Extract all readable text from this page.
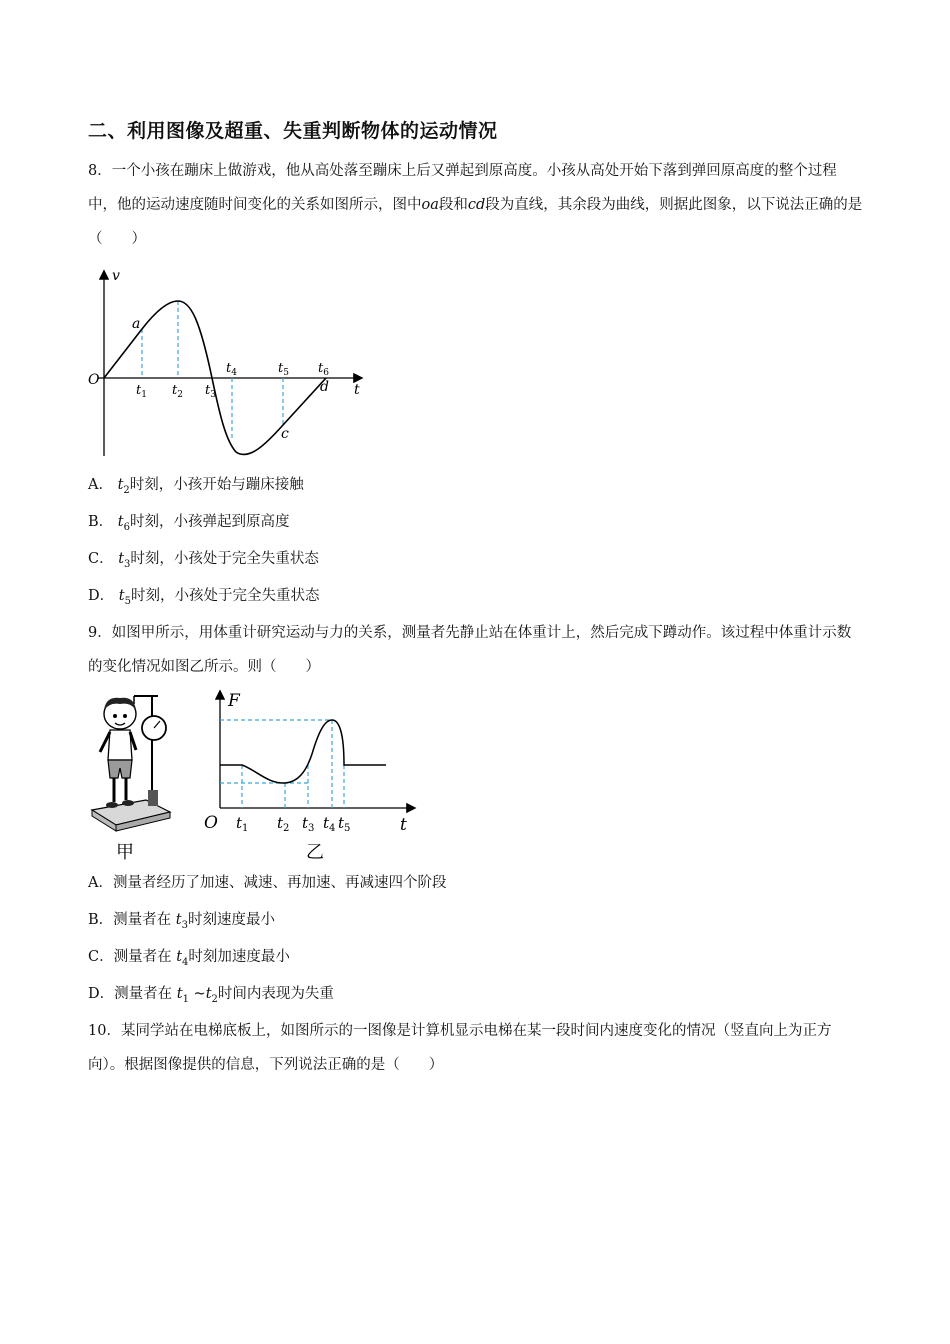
二、利用图像及超重、失重判断物体的运动情况
8．一个小孩在蹦床上做游戏，他从高处落至蹦床上后又弹起到原高度。小孩从高处开始下落到弹回原高度的整个过程中，他的运动速度随时间变化的关系如图所示，图中oa段和cd段为直线，其余段为曲线，则据此图象，以下说法正确的是（　　）
v
O
t
a
c
d
$t_1$ $t_2$ $t_3$
$t_4$	$t_5$ $t_6$
A． $t_2$时刻，小孩开始与蹦床接触
B． $t_6$时刻，小孩弹起到原高度
C． $t_3$时刻，小孩处于完全失重状态
D． $t_5$时刻，小孩处于完全失重状态
9．如图甲所示，用体重计研究运动与力的关系，测量者先静止站在体重计上，然后完成下蹲动作。该过程中体重计示数的变化情况如图乙所示。则（　　）
甲
F
O	t
$t_1$ $t_2$ $t_3$ $t_4$ $t_5$
乙
A．测量者经历了加速、减速、再加速、再减速四个阶段
B．测量者在 $t_3$时刻速度最小
C．测量者在 $t_4$时刻加速度最小
D．测量者在 $t_1$ $\sim t_2$时间内表现为失重
10．某同学站在电梯底板上，如图所示的一图像是计算机显示电梯在某一段时间内速度变化的情况（竖直向上为正方向）。根据图像提供的信息，下列说法正确的是（　　）
